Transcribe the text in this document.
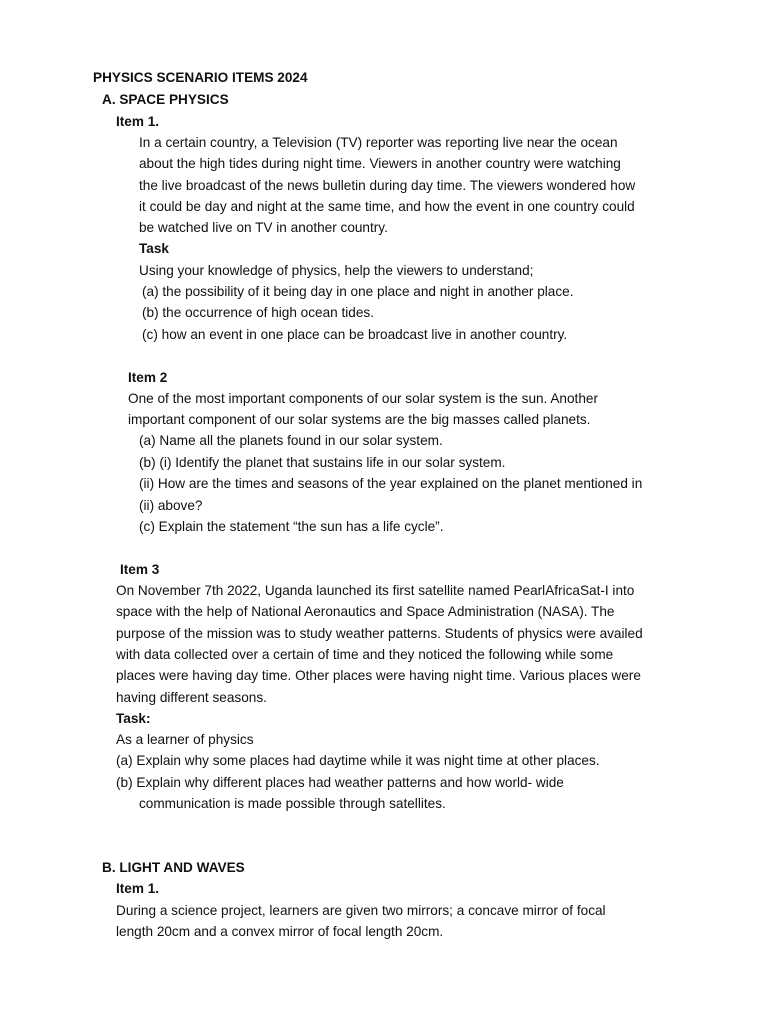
PHYSICS SCENARIO ITEMS 2024
A. SPACE PHYSICS
Item 1.
In a certain country, a Television (TV) reporter was reporting live near the ocean
about the high tides during night time. Viewers in another country were watching
the live broadcast of the news bulletin during day time. The viewers wondered how
it could be day and night at the same time, and how the event in one country could
be watched live on TV in another country.
Task
Using your knowledge of physics, help the viewers to understand;
(a) the possibility of it being day in one place and night in another place.
(b) the occurrence of high ocean tides.
(c) how an event in one place can be broadcast live in another country.
Item 2
One of the most important components of our solar system is the sun. Another
important component of our solar systems are the big masses called planets.
(a) Name all the planets found in our solar system.
(b) (i) Identify the planet that sustains life in our solar system.
(ii) How are the times and seasons of the year explained on the planet mentioned in
(ii) above?
(c) Explain the statement “the sun has a life cycle”.
Item 3
On November 7th 2022, Uganda launched its first satellite named PearlAfricaSat-I into
space with the help of National Aeronautics and Space Administration (NASA). The
purpose of the mission was to study weather patterns. Students of physics were availed
with data collected over a certain of time and they noticed the following while some
places were having day time. Other places were having night time. Various places were
having different seasons.
Task:
As a learner of physics
(a) Explain why some places had daytime while it was night time at other places.
(b) Explain why different places had weather patterns and how world- wide
communication is made possible through satellites.
B. LIGHT AND WAVES
Item 1.
During a science project, learners are given two mirrors; a concave mirror of focal
length 20cm and a convex mirror of focal length 20cm.
